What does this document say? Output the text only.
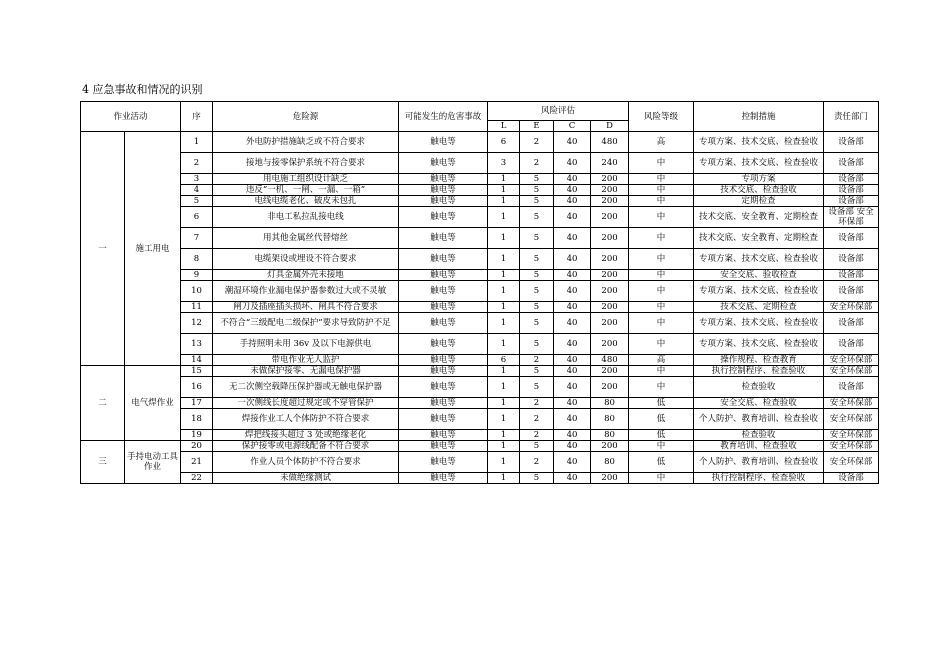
4 应急事故和情况的识别
作业活动		序	危险源	可能发生的危害事故	风险评估				风险等级	控制措施	责任部门
					L	E	C	D			
一	施工用电	1	外电防护措施缺乏或不符合要求	触电等	6	2	40	480	高	专项方案、技术交底、检查验收	设备部
		2	接地与接零保护系统不符合要求	触电等	3	2	40	240	中	专项方案、技术交底、检查验收	设备部
		3	用电施工组织设计缺乏	触电等	1	5	40	200	中	专项方案	设备部
		4	违反“一机、一闸、一漏、一箱”	触电等	1	5	40	200	中	技术交底、检查验收	设备部
		5	电线电缆老化、破皮未包扎	触电等	1	5	40	200	中	定期检查	设备部
		6	非电工私拉乱接电线	触电等	1	5	40	200	中	技术交底、安全教育、定期检查	设备部 安全环保部
		7	用其他金属丝代替熔丝	触电等	1	5	40	200	中	技术交底、安全教育、定期检查	设备部
		8	电缆架设或埋设不符合要求	触电等	1	5	40	200	中	专项方案、技术交底、检查验收	设备部
		9	灯具金属外壳未接地	触电等	1	5	40	200	中	安全交底、验收检查	设备部
		10	潮湿环境作业漏电保护器参数过大或不灵敏	触电等	1	5	40	200	中	专项方案、技术交底、检查验收	设备部
		11	闸刀及插座插头损坏、闸具不符合要求	触电等	1	5	40	200	中	技术交底、定期检查	安全环保部
		12	不符合“三级配电二级保护”要求导致防护不足	触电等	1	5	40	200	中	专项方案、技术交底、检查验收	设备部
		13	手持照明未用 36v 及以下电源供电	触电等	1	5	40	200	中	专项方案、技术交底、检查验收	设备部
		14	带电作业无人监护	触电等	6	2	40	480	高	操作规程、检查教育	安全环保部
二	电气焊作业	15	未做保护接零、无漏电保护器	触电等	1	5	40	200	中	执行控制程序、检查验收	安全环保部
		16	无二次侧空载降压保护器或无触电保护器	触电等	1	5	40	200	中	检查验收	设备部
		17	一次侧线长度超过规定或不穿管保护	触电等	1	2	40	80	低	安全交底、检查验收	安全环保部
		18	焊接作业工人个体防护不符合要求	触电等	1	2	40	80	低	个人防护、教育培训、检查验收	安全环保部
		19	焊把线接头超过 3 处或绝缘老化	触电等	1	2	40	80	低	检查验收	安全环保部
三	手持电动工具作业	20	保护接零或电源线配备不符合要求	触电等	1	5	40	200	中	教育培训、检查验收	安全环保部
		21	作业人员个体防护不符合要求	触电等	1	2	40	80	低	个人防护、教育培训、检查验收	安全环保部
		22	未做绝缘测试	触电等	1	5	40	200	中	执行控制程序、检查验收	设备部
